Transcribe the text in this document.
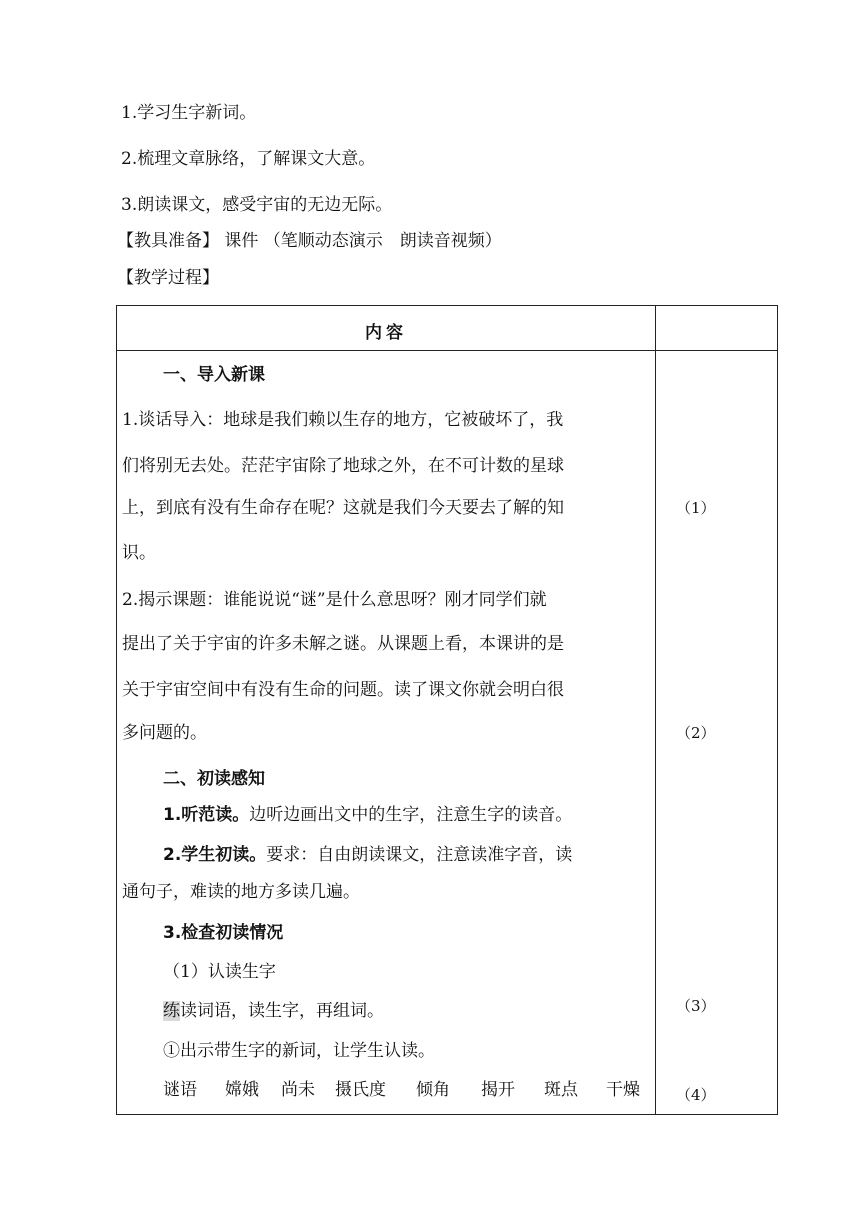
1.学习生字新词。
2.梳理文章脉络，了解课文大意。
3.朗读课文，感受宇宙的无边无际。
【教具准备】 课件 （笔顺动态演示　朗读音视频）
【教学过程】
内容
一、导入新课
1.谈话导入：地球是我们赖以生存的地方，它被破坏了，我
们将别无去处。茫茫宇宙除了地球之外，在不可计数的星球
上，到底有没有生命存在呢？这就是我们今天要去了解的知
识。
2.揭示课题：谁能说说“谜”是什么意思呀？刚才同学们就
提出了关于宇宙的许多未解之谜。从课题上看，本课讲的是
关于宇宙空间中有没有生命的问题。读了课文你就会明白很
多问题的。
二、初读感知
1.听范读。边听边画出文中的生字，注意生字的读音。
2.学生初读。要求：自由朗读课文，注意读准字音，读
通句子，难读的地方多读几遍。
3.检查初读情况
（1）认读生字
练读词语，读生字，再组词。
①出示带生字的新词，让学生认读。
谜语 嫦娥 尚未 摄氏度 倾角 揭开 斑点 干燥
（1）
（2）
（3）
（4）
